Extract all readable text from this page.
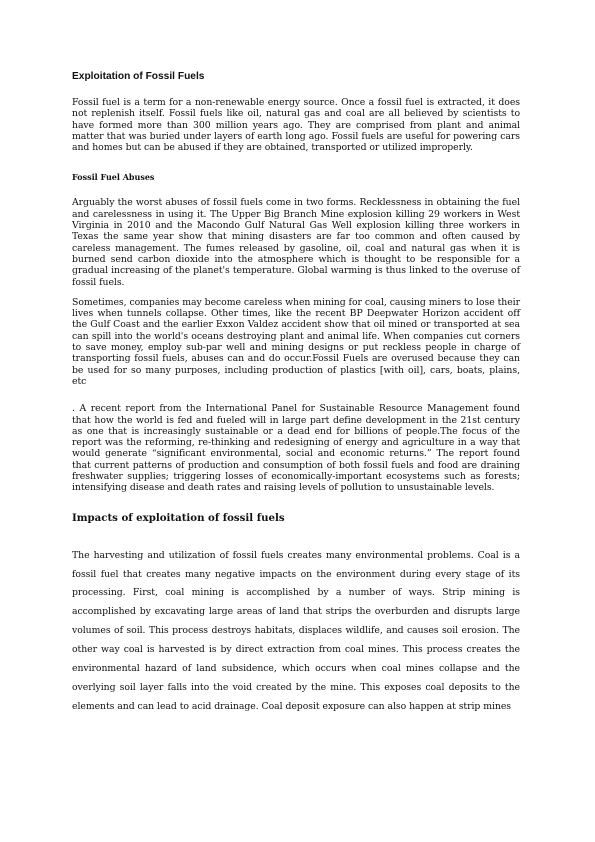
Exploitation of Fossil Fuels

Fossil fuel is a term for a non-renewable energy source. Once a fossil fuel is extracted, it does not replenish itself. Fossil fuels like oil, natural gas and coal are all believed by scientists to have formed more than 300 million years ago. They are comprised from plant and animal matter that was buried under layers of earth long ago. Fossil fuels are useful for powering cars and homes but can be abused if they are obtained, transported or utilized improperly.

Fossil Fuel Abuses

Arguably the worst abuses of fossil fuels come in two forms. Recklessness in obtaining the fuel and carelessness in using it. The Upper Big Branch Mine explosion killing 29 workers in West Virginia in 2010 and the Macondo Gulf Natural Gas Well explosion killing three workers in Texas the same year show that mining disasters are far too common and often caused by careless management. The fumes released by gasoline, oil, coal and natural gas when it is burned send carbon dioxide into the atmosphere which is thought to be responsible for a gradual increasing of the planet's temperature. Global warming is thus linked to the overuse of fossil fuels.

Sometimes, companies may become careless when mining for coal, causing miners to lose their lives when tunnels collapse. Other times, like the recent BP Deepwater Horizon accident off the Gulf Coast and the earlier Exxon Valdez accident show that oil mined or transported at sea can spill into the world's oceans destroying plant and animal life. When companies cut corners to save money, employ sub-par well and mining designs or put reckless people in charge of transporting fossil fuels, abuses can and do occur.Fossil Fuels are overused because they can be used for so many purposes, including production of plastics [with oil], cars, boats, plains, etc

. A recent report from the International Panel for Sustainable Resource Management found that how the world is fed and fueled will in large part define development in the 21st century as one that is increasingly sustainable or a dead end for billions of people.The focus of the report was the reforming, re-thinking and redesigning of energy and agriculture in a way that would generate “significant environmental, social and economic returns.” The report found that current patterns of production and consumption of both fossil fuels and food are draining freshwater supplies; triggering losses of economically-important ecosystems such as forests; intensifying disease and death rates and raising levels of pollution to unsustainable levels.

Impacts of exploitation of fossil fuels

The harvesting and utilization of fossil fuels creates many environmental problems. Coal is a fossil fuel that creates many negative impacts on the environment during every stage of its processing. First, coal mining is accomplished by a number of ways. Strip mining is accomplished by excavating large areas of land that strips the overburden and disrupts large volumes of soil. This process destroys habitats, displaces wildlife, and causes soil erosion. The other way coal is harvested is by direct extraction from coal mines. This process creates the environmental hazard of land subsidence, which occurs when coal mines collapse and the overlying soil layer falls into the void created by the mine. This exposes coal deposits to the elements and can lead to acid drainage. Coal deposit exposure can also happen at strip mines
